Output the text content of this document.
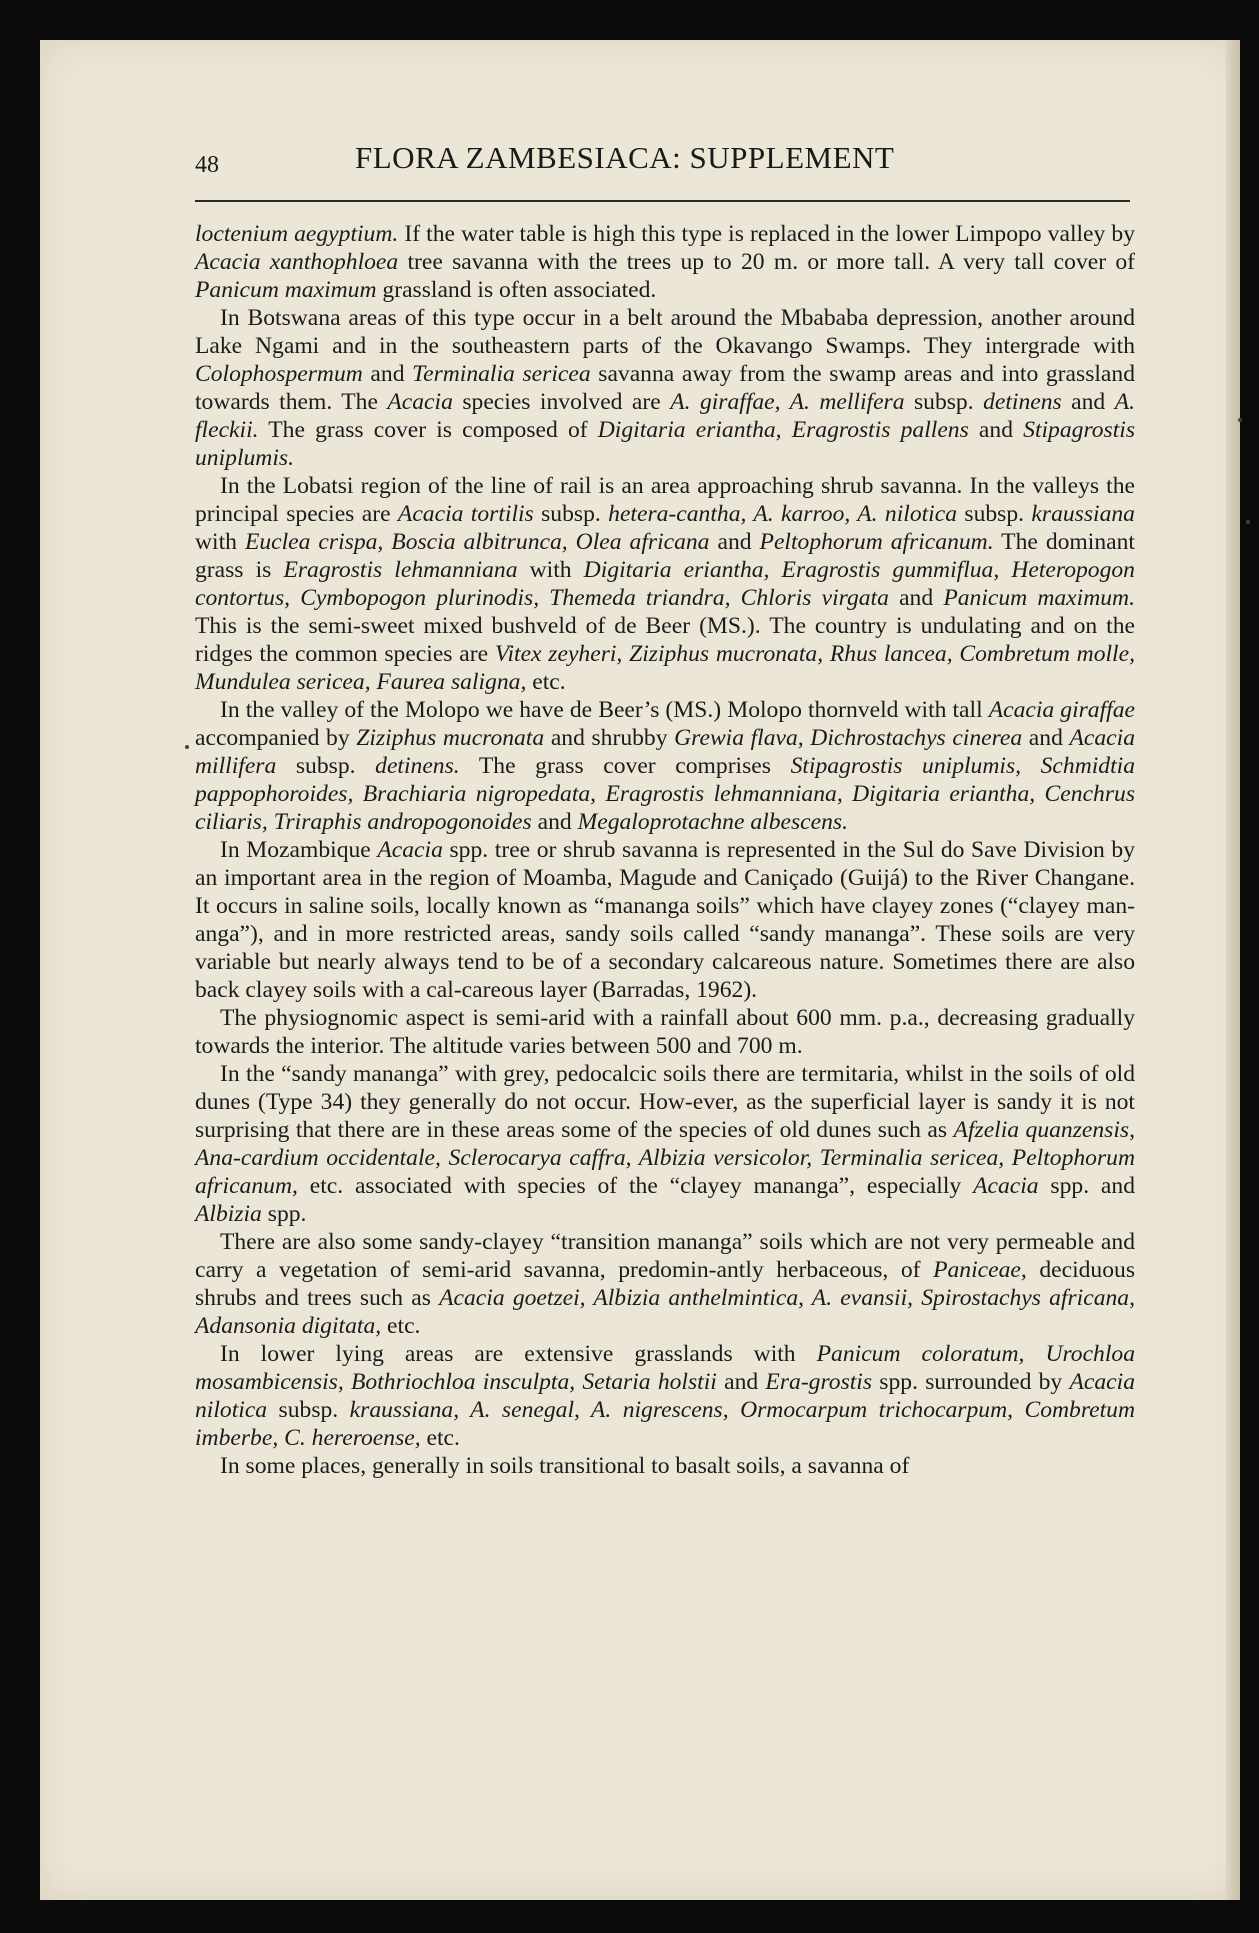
48	FLORA ZAMBESIACA: SUPPLEMENT

loctenium aegyptium. If the water table is high this type is replaced in the lower Limpopo valley by Acacia xanthophloea tree savanna with the trees up to 20 m. or more tall. A very tall cover of Panicum maximum grassland is often associated.

In Botswana areas of this type occur in a belt around the Mbababa depression, another around Lake Ngami and in the southeastern parts of the Okavango Swamps. They intergrade with Colophospermum and Terminalia sericea savanna away from the swamp areas and into grassland towards them. The Acacia species involved are A. giraffae, A. mellifera subsp. detinens and A. fleckii. The grass cover is composed of Digitaria eriantha, Eragrostis pallens and Stipagrostis uniplumis.

In the Lobatsi region of the line of rail is an area approaching shrub savanna. In the valleys the principal species are Acacia tortilis subsp. hetera-cantha, A. karroo, A. nilotica subsp. kraussiana with Euclea crispa, Boscia albitrunca, Olea africana and Peltophorum africanum. The dominant grass is Eragrostis lehmanniana with Digitaria eriantha, Eragrostis gummiflua, Heteropogon contortus, Cymbopogon plurinodis, Themeda triandra, Chloris virgata and Panicum maximum. This is the semi-sweet mixed bushveld of de Beer (MS.). The country is undulating and on the ridges the common species are Vitex zeyheri, Ziziphus mucronata, Rhus lancea, Combretum molle, Mundulea sericea, Faurea saligna, etc.

In the valley of the Molopo we have de Beer’s (MS.) Molopo thornveld with tall Acacia giraffae accompanied by Ziziphus mucronata and shrubby Grewia flava, Dichrostachys cinerea and Acacia millifera subsp. detinens. The grass cover comprises Stipagrostis uniplumis, Schmidtia pappophoroides, Brachiaria nigropedata, Eragrostis lehmanniana, Digitaria eriantha, Cenchrus ciliaris, Triraphis andropogonoides and Megaloprotachne albescens.

In Mozambique Acacia spp. tree or shrub savanna is represented in the Sul do Save Division by an important area in the region of Moamba, Magude and Caniçado (Guijá) to the River Changane. It occurs in saline soils, locally known as “mananga soils” which have clayey zones (“clayey man-anga”), and in more restricted areas, sandy soils called “sandy mananga”. These soils are very variable but nearly always tend to be of a secondary calcareous nature. Sometimes there are also back clayey soils with a cal-careous layer (Barradas, 1962).

The physiognomic aspect is semi-arid with a rainfall about 600 mm. p.a., decreasing gradually towards the interior. The altitude varies between 500 and 700 m.

In the “sandy mananga” with grey, pedocalcic soils there are termitaria, whilst in the soils of old dunes (Type 34) they generally do not occur. How-ever, as the superficial layer is sandy it is not surprising that there are in these areas some of the species of old dunes such as Afzelia quanzensis, Ana-cardium occidentale, Sclerocarya caffra, Albizia versicolor, Terminalia sericea, Peltophorum africanum, etc. associated with species of the “clayey mananga”, especially Acacia spp. and Albizia spp.

There are also some sandy-clayey “transition mananga” soils which are not very permeable and carry a vegetation of semi-arid savanna, predomin-antly herbaceous, of Paniceae, deciduous shrubs and trees such as Acacia goetzei, Albizia anthelmintica, A. evansii, Spirostachys africana, Adansonia digitata, etc.

In lower lying areas are extensive grasslands with Panicum coloratum, Urochloa mosambicensis, Bothriochloa insculpta, Setaria holstii and Era-grostis spp. surrounded by Acacia nilotica subsp. kraussiana, A. senegal, A. nigrescens, Ormocarpum trichocarpum, Combretum imberbe, C. hereroense, etc.

In some places, generally in soils transitional to basalt soils, a savanna of
